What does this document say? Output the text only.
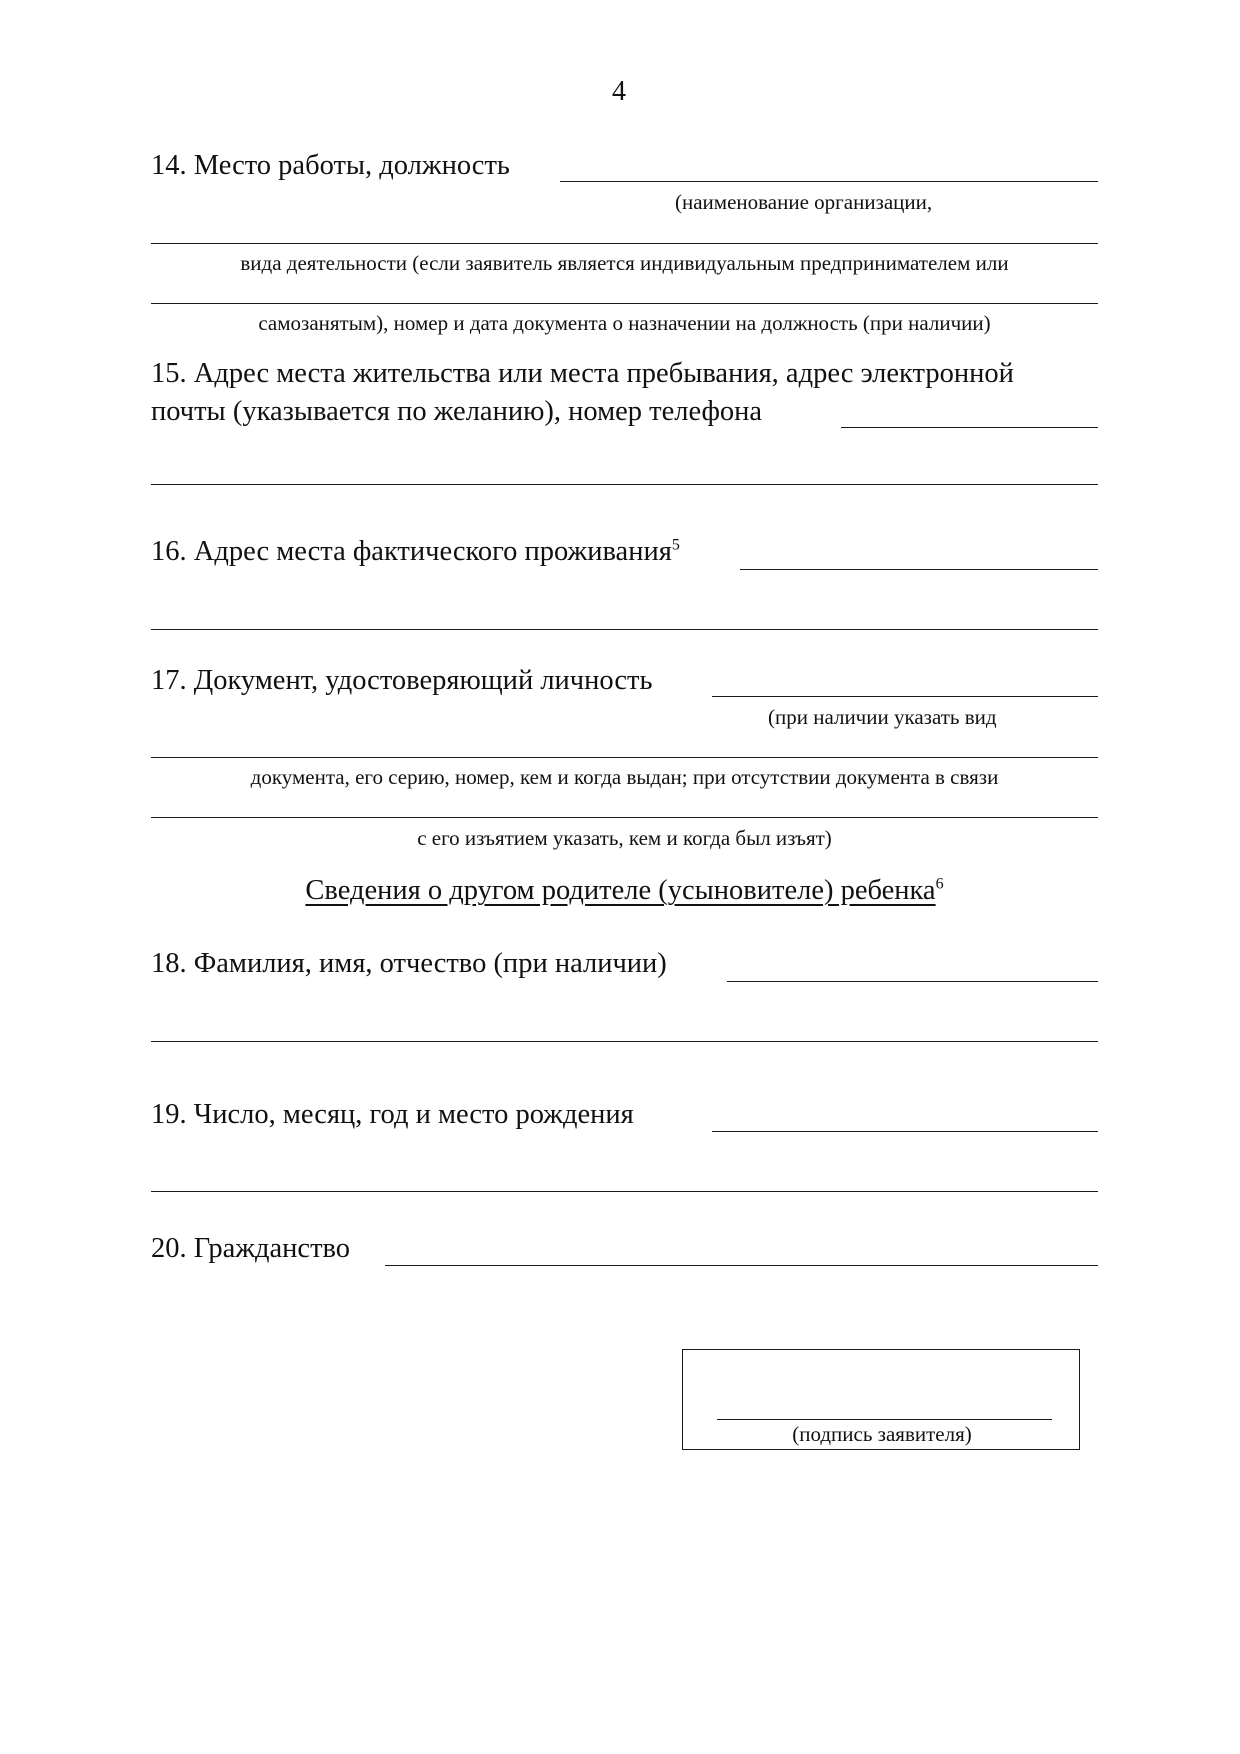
4
14. Место работы, должность
(наименование организации,
вида деятельности (если заявитель является индивидуальным предпринимателем или
самозанятым), номер и дата документа о назначении на должность (при наличии)
15. Адрес места жительства или места пребывания, адрес электронной
почты (указывается по желанию), номер телефона
16. Адрес места фактического проживания$^5$
17. Документ, удостоверяющий личность
(при наличии указать вид
документа, его серию, номер, кем и когда выдан; при отсутствии документа в связи
с его изъятием указать, кем и когда был изъят)
Сведения о другом родителе (усыновителе) ребенка$^6$
18. Фамилия, имя, отчество (при наличии)
19. Число, месяц, год и место рождения
20. Гражданство
(подпись заявителя)
